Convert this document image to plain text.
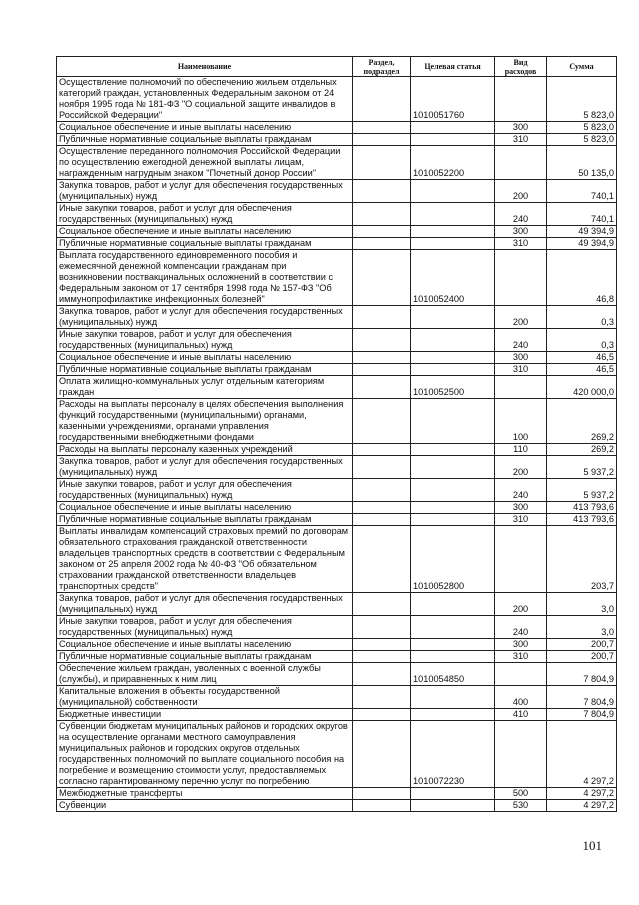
Наименование	Раздел, подраздел	Целевая статья	Вид расходов	Сумма
Осуществление полномочий по обеспечению жильем отдельных категорий граждан, установленных Федеральным законом от 24 ноября 1995 года № 181-ФЗ "О социальной защите инвалидов в Российской Федерации"		1010051760		5 823,0
Социальное обеспечение и иные выплаты населению			300	5 823,0
Публичные нормативные социальные выплаты гражданам			310	5 823,0
Осуществление переданного полномочия Российской Федерации по осуществлению ежегодной денежной выплаты лицам, награжденным нагрудным знаком "Почетный донор России"		1010052200		50 135,0
Закупка товаров, работ и услуг для обеспечения государственных (муниципальных) нужд			200	740,1
Иные закупки товаров, работ и услуг для обеспечения государственных (муниципальных) нужд			240	740,1
Социальное обеспечение и иные выплаты населению			300	49 394,9
Публичные нормативные социальные выплаты гражданам			310	49 394,9
Выплата государственного единовременного пособия и ежемесячной денежной компенсации гражданам при возникновении поствакцинальных осложнений в соответствии с Федеральным законом от 17 сентября 1998 года № 157-ФЗ "Об иммунопрофилактике инфекционных болезней"		1010052400		46,8
Закупка товаров, работ и услуг для обеспечения государственных (муниципальных) нужд			200	0,3
Иные закупки товаров, работ и услуг для обеспечения государственных (муниципальных) нужд			240	0,3
Социальное обеспечение и иные выплаты населению			300	46,5
Публичные нормативные социальные выплаты гражданам			310	46,5
Оплата жилищно-коммунальных услуг отдельным категориям граждан		1010052500		420 000,0
Расходы на выплаты персоналу в целях обеспечения выполнения функций государственными (муниципальными) органами, казенными учреждениями, органами управления государственными внебюджетными фондами			100	269,2
Расходы на выплаты персоналу казенных учреждений			110	269,2
Закупка товаров, работ и услуг для обеспечения государственных (муниципальных) нужд			200	5 937,2
Иные закупки товаров, работ и услуг для обеспечения государственных (муниципальных) нужд			240	5 937,2
Социальное обеспечение и иные выплаты населению			300	413 793,6
Публичные нормативные социальные выплаты гражданам			310	413 793,6
Выплаты инвалидам компенсаций страховых премий по договорам обязательного страхования гражданской ответственности владельцев транспортных средств в соответствии с Федеральным законом от 25 апреля 2002 года № 40-ФЗ "Об обязательном страховании гражданской ответственности владельцев транспортных средств"		1010052800		203,7
Закупка товаров, работ и услуг для обеспечения государственных (муниципальных) нужд			200	3,0
Иные закупки товаров, работ и услуг для обеспечения государственных (муниципальных) нужд			240	3,0
Социальное обеспечение и иные выплаты населению			300	200,7
Публичные нормативные социальные выплаты гражданам			310	200,7
Обеспечение жильем граждан, уволенных с военной службы (службы), и приравненных к ним лиц		1010054850		7 804,9
Капитальные вложения в объекты государственной (муниципальной) собственности			400	7 804,9
Бюджетные инвестиции			410	7 804,9
Субвенции бюджетам муниципальных районов и городских округов на осуществление органами местного самоуправления муниципальных районов и городских округов отдельных государственных полномочий по выплате социального пособия на погребение и возмещению стоимости услуг, предоставляемых согласно гарантированному перечню услуг по погребению		1010072230		4 297,2
Межбюджетные трансферты			500	4 297,2
Субвенции			530	4 297,2
101
